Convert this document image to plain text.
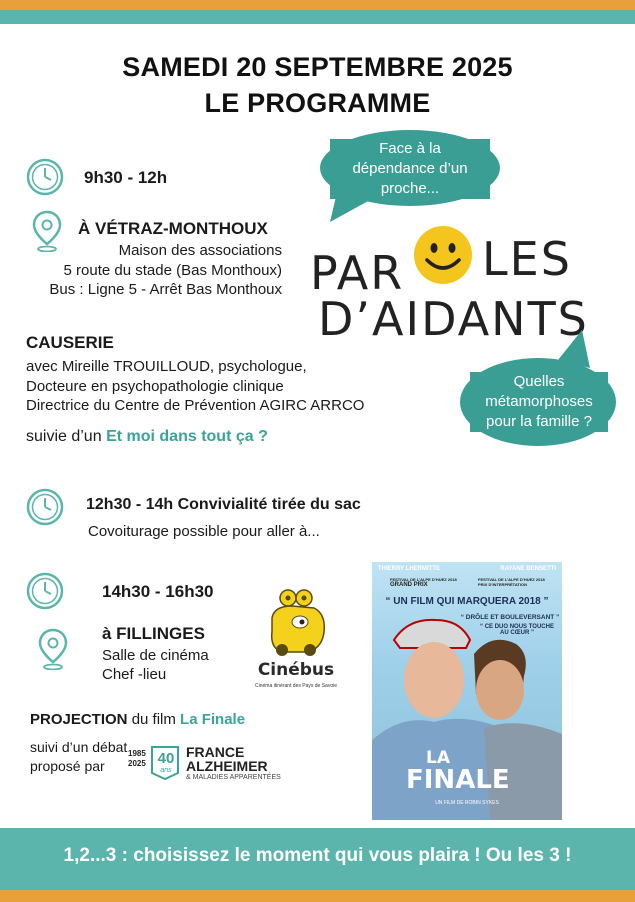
SAMEDI 20 SEPTEMBRE 2025
LE PROGRAMME
9h30 - 12h
À VÉTRAZ-MONTHOUX
Maison des associations
5 route du stade (Bas Monthoux)
Bus : Ligne 5 - Arrêt Bas Monthoux
CAUSERIE
avec Mireille TROUILLOUD, psychologue,
Docteure en psychopathologie clinique
Directrice du Centre de Prévention AGIRC ARRCO
suivie d’un Et moi dans tout ça ?
Face à la
dépendance d’un
proche...
PAR LES
D’AIDANTS
Quelles
métamorphoses
pour la famille ?
12h30 - 14h Convivialité tirée du sac
Covoiturage possible pour aller à...
14h30 - 16h30
à FILLINGES
Salle de cinéma
Chef -lieu	Cinébus
Cinéma itinérant des Pays de Savoie
PROJECTION du film La Finale
suivi d’un débat
proposé par
1985
2025 40
ans
FRANCE
ALZHEIMER
& MALADIES APPARENTÉES
THIERRY LHERMITTE	RAYANE BENSETTI
FESTIVAL DE L’ALPE D’HUEZ 2018
GRAND PRIX
FESTIVAL DE L’ALPE D’HUEZ 2018
PRIX D’INTERPRÉTATION
“ UN FILM QUI MARQUERA 2018 ”
“ DRÔLE ET BOULEVERSANT ”
“ CE DUO NOUS TOUCHE AU CŒUR ”
LA
FINALE
UN FILM DE ROBIN SYKES
1,2...3 : choisissez le moment qui vous plaira ! Ou les 3 !
